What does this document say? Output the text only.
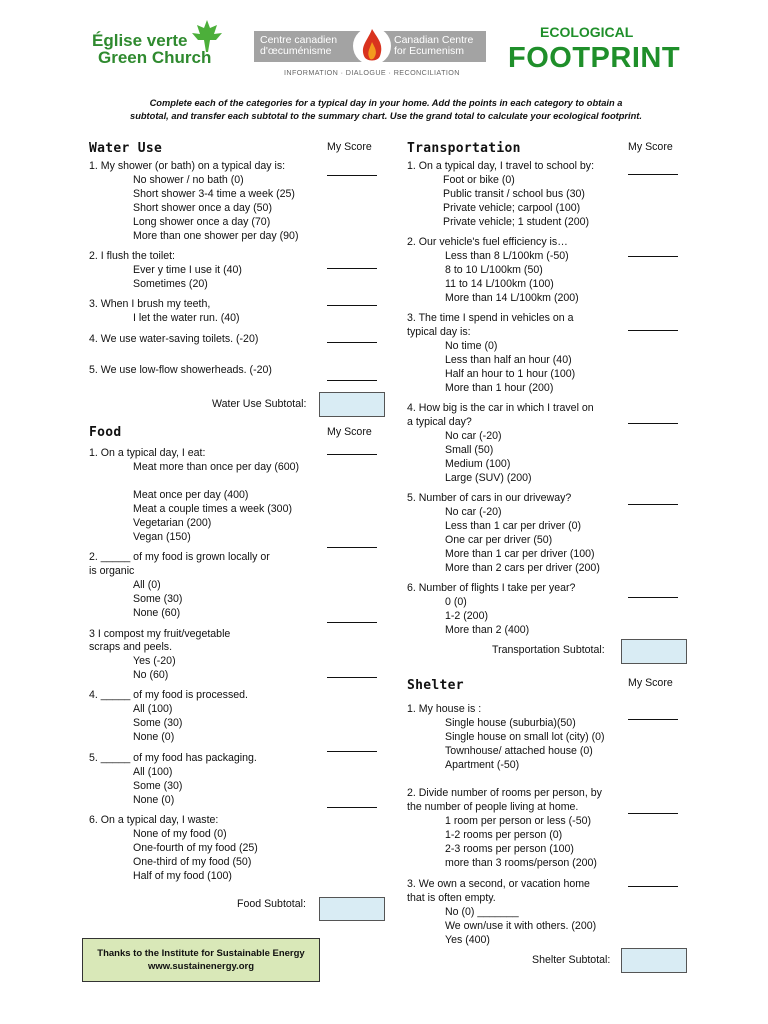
Église verte
Green Church
Centre canadien
d'œcuménisme
Canadian Centre
for Ecumenism
INFORMATION · DIALOGUE · RECONCILIATION
ECOLOGICAL
FOOTPRINT
Complete each of the categories for a typical day in your home. Add the points in each category to obtain a
subtotal, and transfer each subtotal to the summary chart. Use the grand total to calculate your ecological footprint.
Water Use	My Score
1. My shower (or bath) on a typical day is:
No shower / no bath (0)
Short shower 3-4 time a week (25)
Short shower once a day (50)
Long shower once a day (70)
More than one shower per day (90)
2. I flush the toilet:
Ever y time I use it (40)
Sometimes (20)
3. When I brush my teeth,
I let the water run. (40)
4. We use water-saving toilets. (-20)
5. We use low-flow showerheads. (-20)
Water Use Subtotal:
Food	My Score
1. On a typical day, I eat:
Meat more than once per day (600)
Meat once per day (400)
Meat a couple times a week (300)
Vegetarian (200)
Vegan (150)
2. _____ of my food is grown locally or
is organic
All (0)
Some (30)
None (60)
3 I compost my fruit/vegetable
scraps and peels.
Yes (-20)
No (60)
4. _____ of my food is processed.
All (100)
Some (30)
None (0)
5. _____ of my food has packaging.
All (100)
Some (30)
None (0)
6. On a typical day, I waste:
None of my food (0)
One-fourth of my food (25)
One-third of my food (50)
Half of my food (100)
Food Subtotal:
Thanks to the Institute for Sustainable Energy
www.sustainenergy.org
Transportation	My Score
1. On a typical day, I travel to school by:
Foot or bike (0)
Public transit / school bus (30)
Private vehicle; carpool (100)
Private vehicle; 1 student (200)
2. Our vehicle's fuel efficiency is…
Less than 8 L/100km (-50)
8 to 10 L/100km (50)
11 to 14 L/100km (100)
More than 14 L/100km (200)
3. The time I spend in vehicles on a
typical day is:
No time (0)
Less than half an hour (40)
Half an hour to 1 hour (100)
More than 1 hour (200)
4. How big is the car in which I travel on
a typical day?
No car (-20)
Small (50)
Medium (100)
Large (SUV) (200)
5. Number of cars in our driveway?
No car (-20)
Less than 1 car per driver (0)
One car per driver (50)
More than 1 car per driver (100)
More than 2 cars per driver (200)
6. Number of flights I take per year?
0 (0)
1-2 (200)
More than 2 (400)
Transportation Subtotal:
Shelter	My Score
1. My house is :
Single house (suburbia)(50)
Single house on small lot (city) (0)
Townhouse/ attached house (0)
Apartment (-50)
2. Divide number of rooms per person, by
the number of people living at home.
1 room per person or less (-50)
1-2 rooms per person (0)
2-3 rooms per person (100)
more than 3 rooms/person (200)
3. We own a second, or vacation home
that is often empty.
No (0) _______
We own/use it with others. (200)
Yes (400)
Shelter Subtotal:
